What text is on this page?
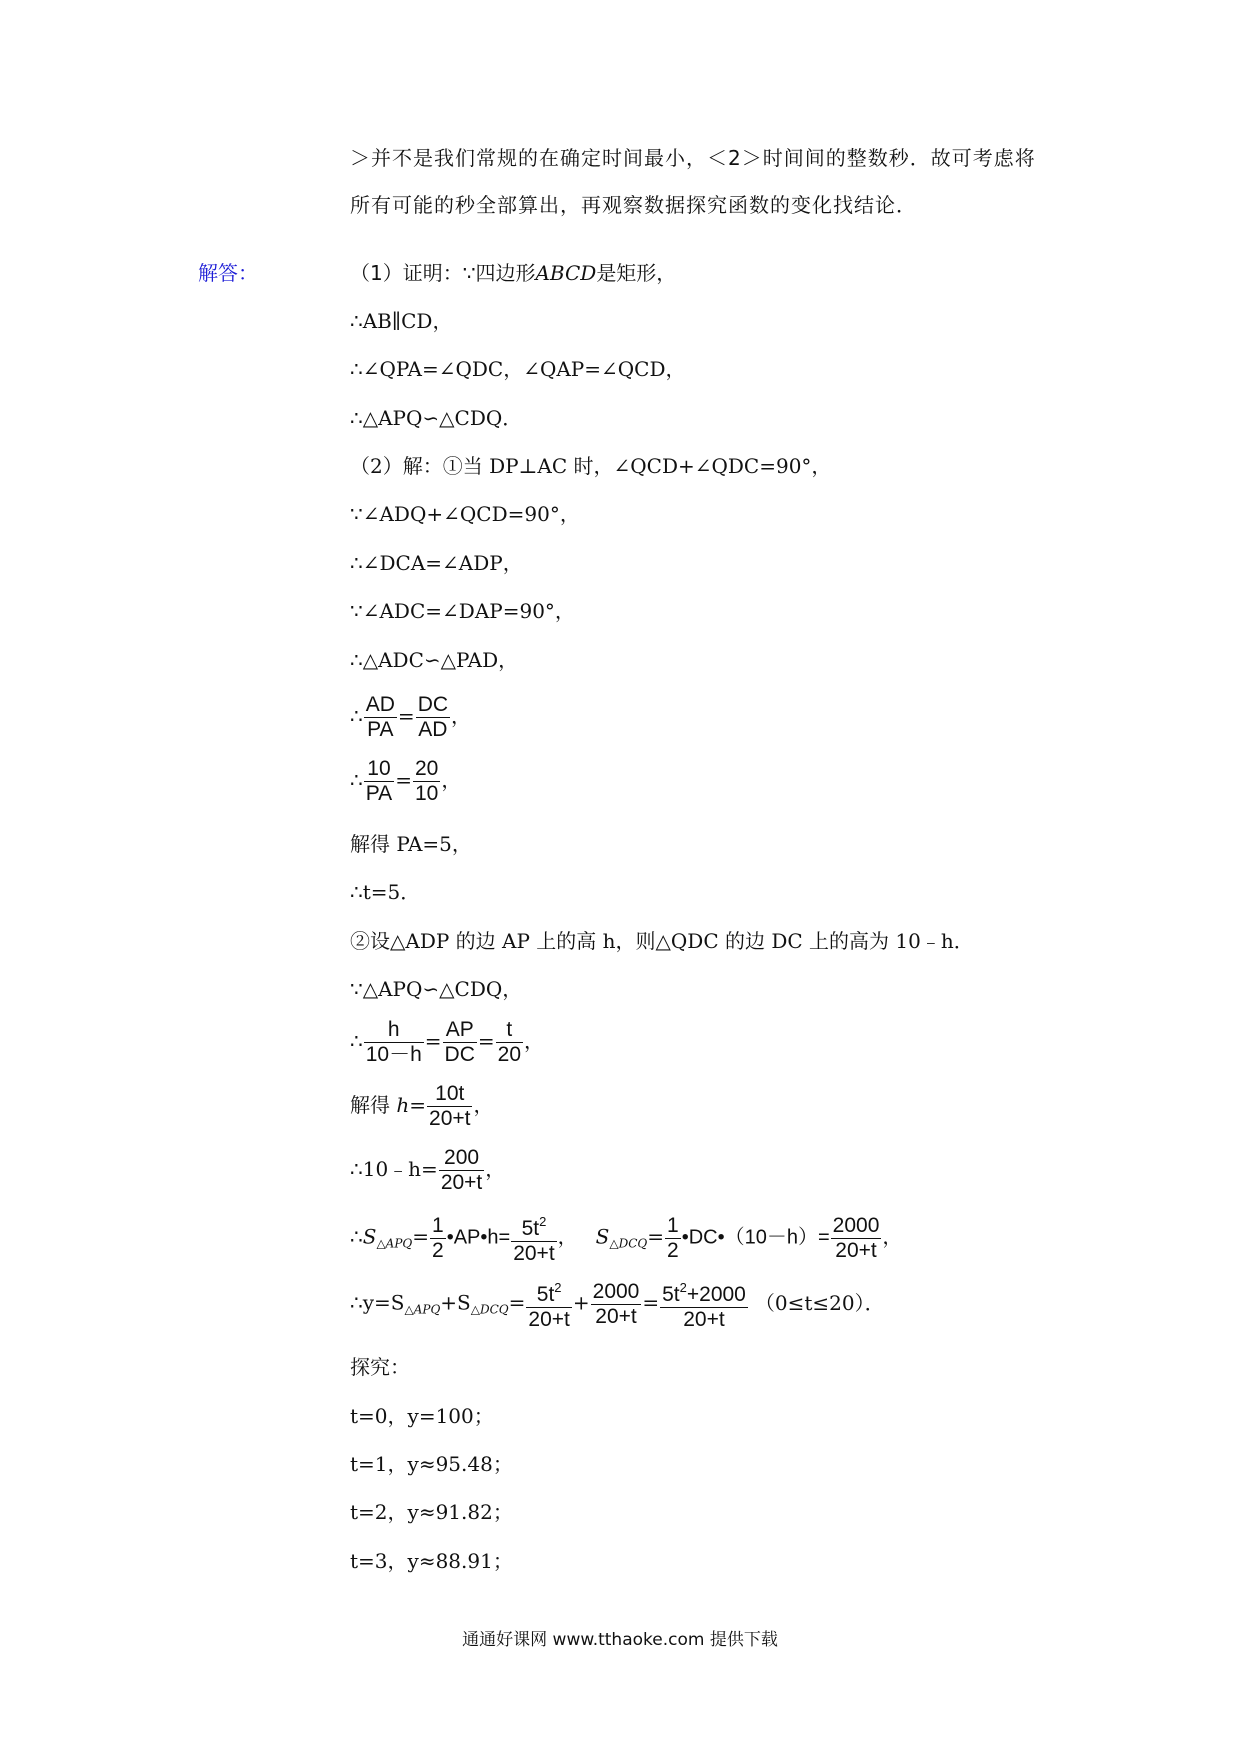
＞并不是我们常规的在确定时间最小，＜2＞时间间的整数秒．故可考虑将
所有可能的秒全部算出，再观察数据探究函数的变化找结论．
解答：	（1）证明：∵四边形ABCD是矩形，
∴AB∥CD，
∴∠QPA=∠QDC，∠QAP=∠QCD，
∴△APQ∽△CDQ．
（2）解：①当 DP⊥AC 时，∠QCD+∠QDC=90°，
∵∠ADQ+∠QCD=90°，
∴∠DCA=∠ADP，
∵∠ADC=∠DAP=90°，
∴△ADC∽△PAD，
∴ $\frac{AD}{PA} = \frac{DC}{AD}$ ，
∴ $\frac{10}{PA} = \frac{20}{10}$ ，
解得 PA=5，
∴t=5．
②设△ADP 的边 AP 上的高 h，则△QDC 的边 DC 上的高为 10﹣h．
∵△APQ∽△CDQ，
∴ $\frac{h}{10-h} = \frac{AP}{DC} = \frac{t}{20}$ ，
解得 $h= \frac{10t}{20+t}$ ，
∴10﹣h= $\frac{200}{20+t}$ ，
$\therefore S_{\triangle APQ}= \frac{1}{2}$ •AP•h= $\frac{5t^2}{20+t}$ ， $S_{\triangle DCQ}= \frac{1}{2}$ •DC•（10－h）= $\frac{2000}{20+t}$ ，
$\therefore y=S_{\triangle APQ}+S_{\triangle DCQ}= \frac{5t^2}{20+t} + \frac{2000}{20+t} = \frac{5t^2+2000}{20+t} (0\le t\le 20)$．
探究：
t=0，y=100；
t=1，y≈95.48；
t=2，y≈91.82；
t=3，y≈88.91；
通通好课网 www.tthaoke.com 提供下载
